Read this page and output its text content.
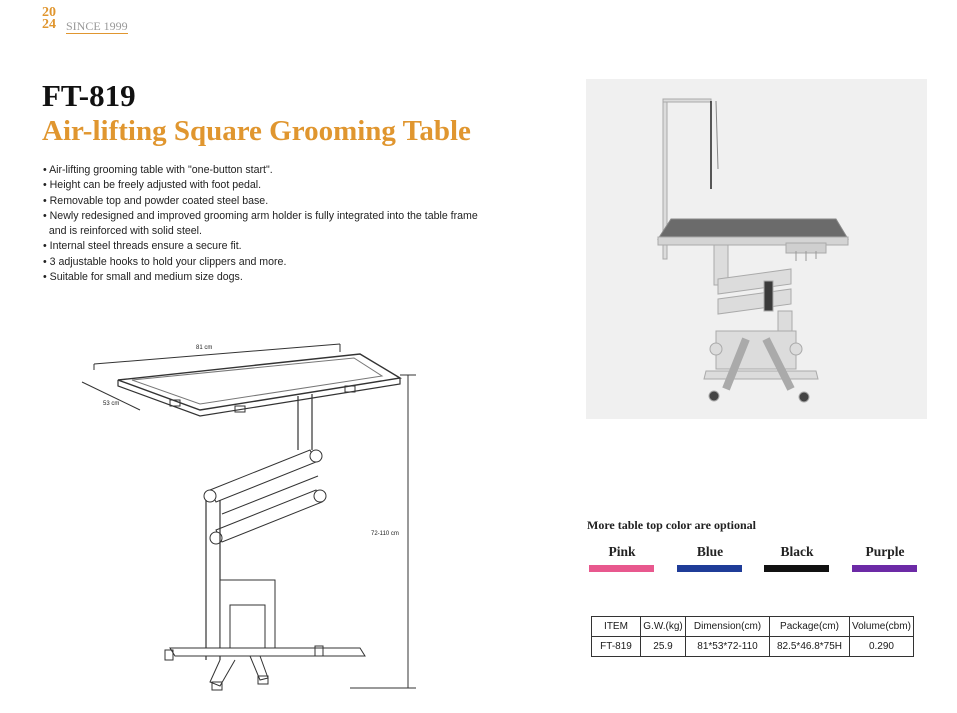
20
24 SINCE 1999
FT-819
Air-lifting Square Grooming Table
• Air-lifting grooming table with "one-button start".
• Height can be freely adjusted with foot pedal.
• Removable top and powder coated steel base.
• Newly redesigned and improved grooming arm holder is fully integrated into the table frame
and is reinforced with solid steel.
• Internal steel threads ensure a secure fit.
• 3 adjustable hooks to hold your clippers and more.
• Suitable for small and medium size dogs.
81 cm
53 cm
72-110 cm
More table top color are optional
Pink	Blue	Black	Purple
ITEM	G.W.(kg)	Dimension(cm)	Package(cm)	Volume(cbm)
FT-819	25.9	81*53*72-110	82.5*46.8*75H	0.290
